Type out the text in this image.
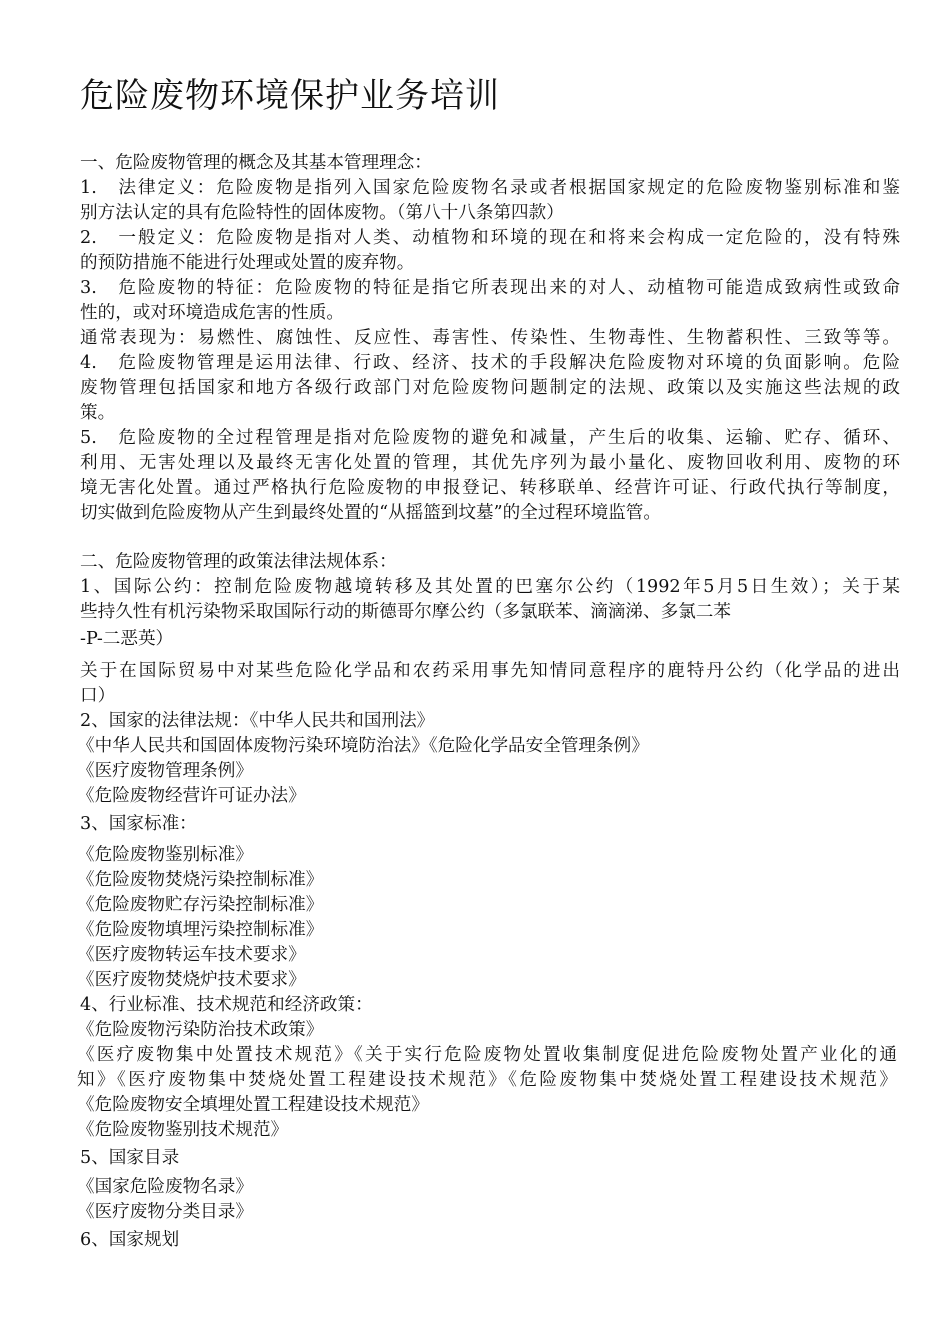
危险废物环境保护业务培训
一、危险废物管理的概念及其基本管理理念：
1.　法律定义：危险废物是指列入国家危险废物名录或者根据国家规定的危险废物鉴别标准和鉴
别方法认定的具有危险特性的固体废物。（第八十八条第四款）
2.　一般定义：危险废物是指对人类、动植物和环境的现在和将来会构成一定危险的，没有特殊
的预防措施不能进行处理或处置的废弃物。
3.　危险废物的特征：危险废物的特征是指它所表现出来的对人、动植物可能造成致病性或致命
性的，或对环境造成危害的性质。
通常表现为：易燃性、腐蚀性、反应性、毒害性、传染性、生物毒性、生物蓄积性、三致等等。
4.　危险废物管理是运用法律、行政、经济、技术的手段解决危险废物对环境的负面影响。危险
废物管理包括国家和地方各级行政部门对危险废物问题制定的法规、政策以及实施这些法规的政
策。
5.　危险废物的全过程管理是指对危险废物的避免和减量，产生后的收集、运输、贮存、循环、
利用、无害处理以及最终无害化处置的管理，其优先序列为最小量化、废物回收利用、废物的环
境无害化处置。通过严格执行危险废物的申报登记、转移联单、经营许可证、行政代执行等制度，
切实做到危险废物从产生到最终处置的“从摇篮到坟墓”的全过程环境监管。
二、危险废物管理的政策法律法规体系：
1、国际公约：控制危险废物越境转移及其处置的巴塞尔公约（1992年5月5日生效）；关于某
些持久性有机污染物采取国际行动的斯德哥尔摩公约（多氯联苯、滴滴涕、多氯二苯
-P-二恶英）
关于在国际贸易中对某些危险化学品和农药采用事先知情同意程序的鹿特丹公约（化学品的进出
口）
2、国家的法律法规：《中华人民共和国刑法》
《中华人民共和国固体废物污染环境防治法》《危险化学品安全管理条例》
《医疗废物管理条例》
《危险废物经营许可证办法》
3、国家标准：
《危险废物鉴别标准》
《危险废物焚烧污染控制标准》
《危险废物贮存污染控制标准》
《危险废物填埋污染控制标准》
《医疗废物转运车技术要求》
《医疗废物焚烧炉技术要求》
4、行业标准、技术规范和经济政策：
《危险废物污染防治技术政策》
《医疗废物集中处置技术规范》《关于实行危险废物处置收集制度促进危险废物处置产业化的通
知》《医疗废物集中焚烧处置工程建设技术规范》《危险废物集中焚烧处置工程建设技术规范》
《危险废物安全填埋处置工程建设技术规范》
《危险废物鉴别技术规范》
5、国家目录
《国家危险废物名录》
《医疗废物分类目录》
6、国家规划
